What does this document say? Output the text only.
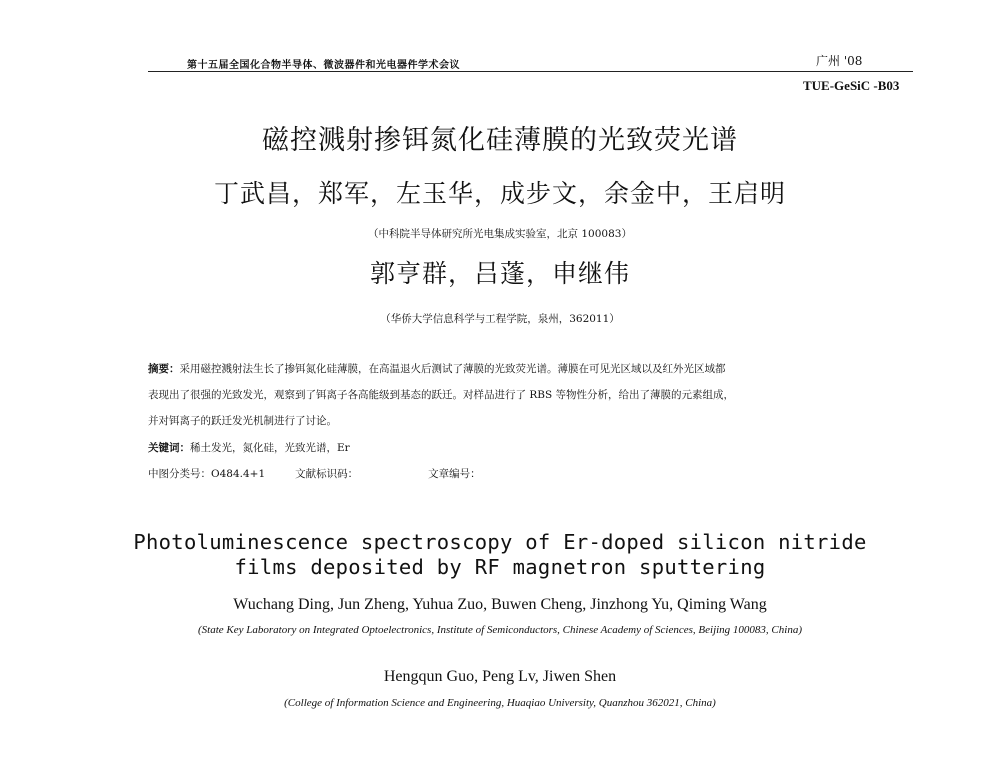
第十五届全国化合物半导体、微波器件和光电器件学术会议	广州 '08
TUE-GeSiC -B03
磁控溅射掺铒氮化硅薄膜的光致荧光谱
丁武昌，郑军，左玉华，成步文，余金中，王启明
（中科院半导体研究所光电集成实验室，北京 100083）
郭亨群，吕蓬，申继伟
（华侨大学信息科学与工程学院，泉州，362011）
摘要：采用磁控溅射法生长了掺铒氮化硅薄膜，在高温退火后测试了薄膜的光致荧光谱。薄膜在可见光区域以及红外光区域都
表现出了很强的光致发光，观察到了铒离子各高能级到基态的跃迁。对样品进行了 RBS 等物性分析，给出了薄膜的元素组成，
并对铒离子的跃迁发光机制进行了讨论。
关键词：稀土发光，氮化硅，光致光谱，Er
中图分类号：O484.4+1	文献标识码：	文章编号：
Photoluminescence spectroscopy of Er-doped silicon nitride
films deposited by RF magnetron sputtering
Wuchang Ding, Jun Zheng, Yuhua Zuo, Buwen Cheng, Jinzhong Yu, Qiming Wang
(State Key Laboratory on Integrated Optoelectronics, Institute of Semiconductors, Chinese Academy of Sciences, Beijing 100083, China)
Hengqun Guo, Peng Lv, Jiwen Shen
(College of Information Science and Engineering, Huaqiao University, Quanzhou 362021, China)
